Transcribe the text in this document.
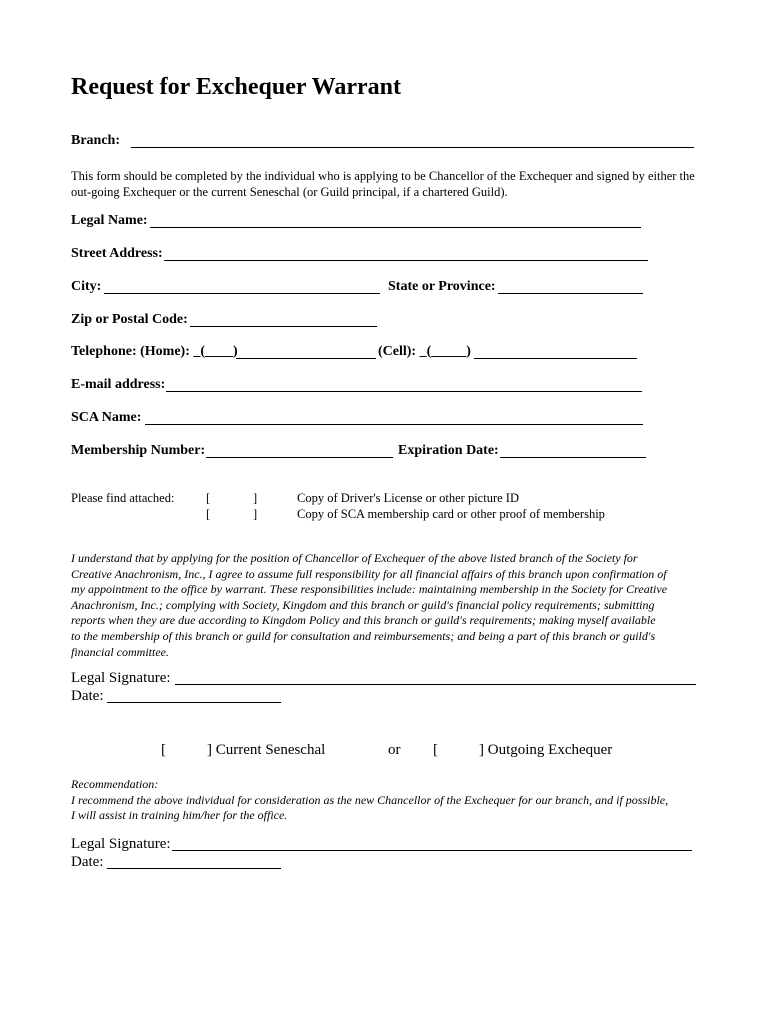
Request for Exchequer Warrant
Branch:
This form should be completed by the individual who is applying to be Chancellor of the Exchequer and signed by either the out-going Exchequer or the current Seneschal (or Guild principal, if a chartered Guild).
Legal Name:
Street Address:
City:	State or Province:
Zip or Postal Code:
Telephone: (Home): _(____)	(Cell): _(_____)
E-mail address:
SCA Name:
Membership Number:	Expiration Date:
Please find attached:	[	]	Copy of Driver's License or other picture ID
[	]	Copy of SCA membership card or other proof of membership
I understand that by applying for the position of Chancellor of Exchequer of the above listed branch of the Society for
Creative Anachronism, Inc., I agree to assume full responsibility for all financial affairs of this branch upon confirmation of
my appointment to the office by warrant. These responsibilities include: maintaining membership in the Society for Creative
Anachronism, Inc.; complying with Society, Kingdom and this branch or guild's financial policy requirements; submitting
reports when they are due according to Kingdom Policy and this branch or guild's requirements; making myself available
to the membership of this branch or guild for consultation and reimbursements; and being a part of this branch or guild's
financial committee.
Legal Signature:
Date:
[	] Current Seneschal	or [	] Outgoing Exchequer
Recommendation:
I recommend the above individual for consideration as the new Chancellor of the Exchequer for our branch, and if possible,
I will assist in training him/her for the office.
Legal Signature:
Date:
